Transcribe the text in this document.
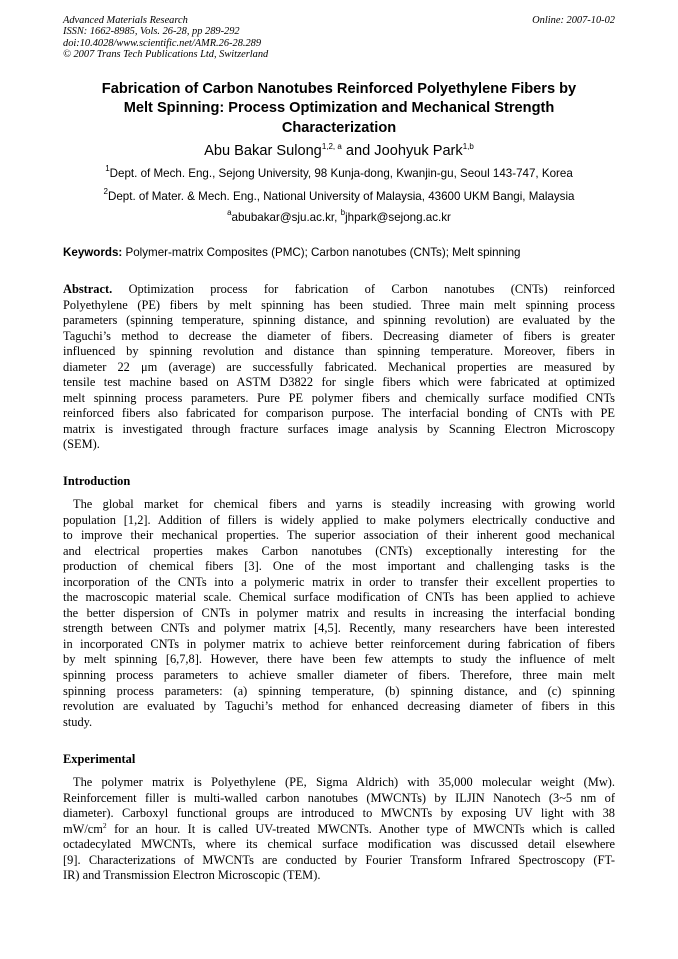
Advanced Materials Research
ISSN: 1662-8985, Vols. 26-28, pp 289-292
doi:10.4028/www.scientific.net/AMR.26-28.289
© 2007 Trans Tech Publications Ltd, Switzerland
Online: 2007-10-02
Fabrication of Carbon Nanotubes Reinforced Polyethylene Fibers by
Melt Spinning: Process Optimization and Mechanical Strength
Characterization
Abu Bakar Sulong$^{1,2, a}$ and Joohyuk Park$^{1,b}$
$^1$Dept. of Mech. Eng., Sejong University, 98 Kunja-dong, Kwanjin-gu, Seoul 143-747, Korea
$^2$Dept. of Mater. & Mech. Eng., National University of Malaysia, 43600 UKM Bangi, Malaysia
$^a$abubakar@sju.ac.kr, $^b$jhpark@sejong.ac.kr
Keywords: Polymer-matrix Composites (PMC); Carbon nanotubes (CNTs); Melt spinning
Abstract. Optimization process for fabrication of Carbon nanotubes (CNTs) reinforced
Polyethylene (PE) fibers by melt spinning has been studied. Three main melt spinning process
parameters (spinning temperature, spinning distance, and spinning revolution) are evaluated by the
Taguchi’s method to decrease the diameter of fibers. Decreasing diameter of fibers is greater
influenced by spinning revolution and distance than spinning temperature. Moreover, fibers in
diameter 22 μm (average) are successfully fabricated. Mechanical properties are measured by
tensile test machine based on ASTM D3822 for single fibers which were fabricated at optimized
melt spinning process parameters. Pure PE polymer fibers and chemically surface modified CNTs
reinforced fibers also fabricated for comparison purpose. The interfacial bonding of CNTs with PE
matrix is investigated through fracture surfaces image analysis by Scanning Electron Microscopy
(SEM).
Introduction
The global market for chemical fibers and yarns is steadily increasing with growing world
population [1,2]. Addition of fillers is widely applied to make polymers electrically conductive and
to improve their mechanical properties. The superior association of their inherent good mechanical
and electrical properties makes Carbon nanotubes (CNTs) exceptionally interesting for the
production of chemical fibers [3]. One of the most important and challenging tasks is the
incorporation of the CNTs into a polymeric matrix in order to transfer their excellent properties to
the macroscopic material scale. Chemical surface modification of CNTs has been applied to achieve
the better dispersion of CNTs in polymer matrix and results in increasing the interfacial bonding
strength between CNTs and polymer matrix [4,5]. Recently, many researchers have been interested
in incorporated CNTs in polymer matrix to achieve better reinforcement during fabrication of fibers
by melt spinning [6,7,8]. However, there have been few attempts to study the influence of melt
spinning process parameters to achieve smaller diameter of fibers. Therefore, three main melt
spinning process parameters: (a) spinning temperature, (b) spinning distance, and (c) spinning
revolution are evaluated by Taguchi’s method for enhanced decreasing diameter of fibers in this
study.
Experimental
The polymer matrix is Polyethylene (PE, Sigma Aldrich) with 35,000 molecular weight (Mw).
Reinforcement filler is multi-walled carbon nanotubes (MWCNTs) by ILJIN Nanotech (3~5 nm of
diameter). Carboxyl functional groups are introduced to MWCNTs by exposing UV light with 38
$mW/cm^2$ for an hour. It is called UV-treated MWCNTs. Another type of MWCNTs which is called
octadecylated MWCNTs, where its chemical surface modification was discussed detail elsewhere
[9]. Characterizations of MWCNTs are conducted by Fourier Transform Infrared Spectroscopy (FT-
IR) and Transmission Electron Microscopic (TEM).
